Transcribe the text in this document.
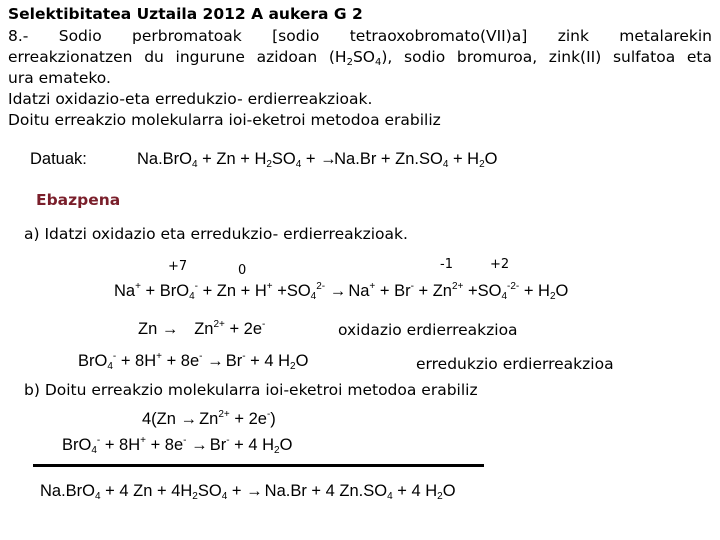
Selektibitatea Uztaila 2012 A aukera G 2
8.- Sodio perbromatoak [sodio tetraoxobromato(VII)a] zink metalarekin
erreakzionatzen du ingurune azidoan $(H_2SO_4)$, sodio bromuroa, zink(II) sulfatoa eta
ura emateko.
Idatzi oxidazio-eta erredukzio- erdierreakzioak.
Doitu erreakzio molekularra ioi-eketroi metodoa erabiliz
Datuak:	$Na.BrO_4 + Zn + H_2SO_4 + \to Na.Br + Zn.SO_4 + H_2O$
Ebazpena
a) Idatzi oxidazio eta erredukzio- erdierreakzioak.
+7	0	-1	+2
$Na^+ + BrO_4^- + Zn + H^+ +SO_4^{2-} \to Na^+ + Br^- + Zn^{2+} +SO_4^{-2-} + H_2O$
Zn →    $Zn^{2+} + 2e^-$	oxidazio erdierreakzioa
BrO$_4$- + 8H+ + 8e- → Br- + 4 $H_2O$	erredukzio erdierreakzioa
b) Doitu erreakzio molekularra ioi-eketroi metodoa erabiliz
$4(Zn \to Zn^{2+} + 2e^-)$
BrO$_4$- + 8H+ + 8e- → Br- + 4 $H_2O$
Na.BrO$_4$ + 4 $Zn + 4H_2SO_4$ + → Na.Br + 4 $Zn.SO_4 + 4$ $H_2O$
